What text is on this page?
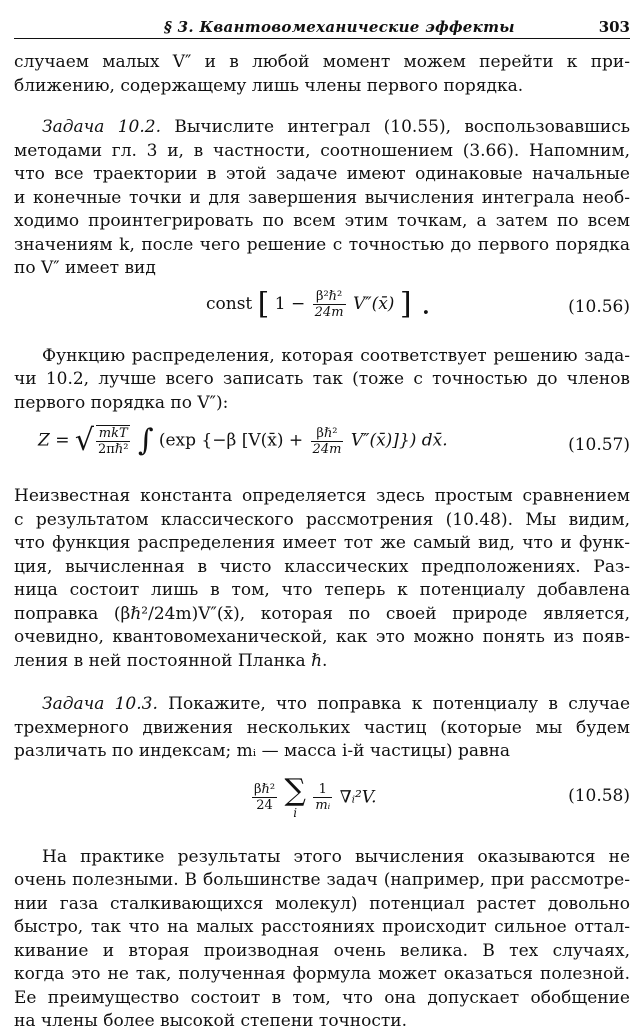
§ 3. Квантовомеханические эффекты	303
случаем малых V″ и в любой момент можем перейти к при-
ближению, содержащему лишь члены первого порядка.
Задача 10.2. Вычислите интеграл (10.55), воспользовавшись
методами гл. 3 и, в частности, соотношением (3.66). Напомним,
что все траектории в этой задаче имеют одинаковые начальные
и конечные точки и для завершения вычисления интеграла необ-
ходимо проинтегрировать по всем этим точкам, а затем по всем
значениям k, после чего решение с точностью до первого порядка
по V″ имеет вид
const [ $1 - \frac{\text{β²ℏ²}}{24m}$ V″(x̄) ] .	(10.56)
Функцию распределения, которая соответствует решению зада-
чи 10.2, лучше всего записать так (тоже с точностью до членов
первого порядка по V″):
Z = √ $\frac{\text{mkT}}{\text{2πℏ²}}$ ∫ (exp {−β [V(x̄) + $\frac{\text{βℏ²}}{24m}$ V″(x̄)]}) dx̄.	(10.57)
Неизвестная константа определяется здесь простым сравнением
с результатом классического рассмотрения (10.48). Мы видим,
что функция распределения имеет тот же самый вид, что и функ-
ция, вычисленная в чисто классических предположениях. Раз-
ница состоит лишь в том, что теперь к потенциалу добавлена
поправка (βℏ²/24m)V″(x̄), которая по своей природе является,
очевидно, квантовомеханической, как это можно понять из появ-
ления в ней постоянной Планка ℏ.
Задача 10.3. Покажите, что поправка к потенциалу в случае
трехмерного движения нескольких частиц (которые мы будем
различать по индексам; mᵢ — масса i-й частицы) равна
$\frac{\text{βℏ²}}{24}$
∑
i
	$\frac{1}{\text{mᵢ}}$ ∇ᵢ²V.	(10.58)
На практике результаты этого вычисления оказываются не
очень полезными. В большинстве задач (например, при рассмотре-
нии газа сталкивающихся молекул) потенциал растет довольно
быстро, так что на малых расстояниях происходит сильное оттал-
кивание и вторая производная очень велика. В тех случаях,
когда это не так, полученная формула может оказаться полезной.
Ее преимущество состоит в том, что она допускает обобщение
на члены более высокой степени точности.
